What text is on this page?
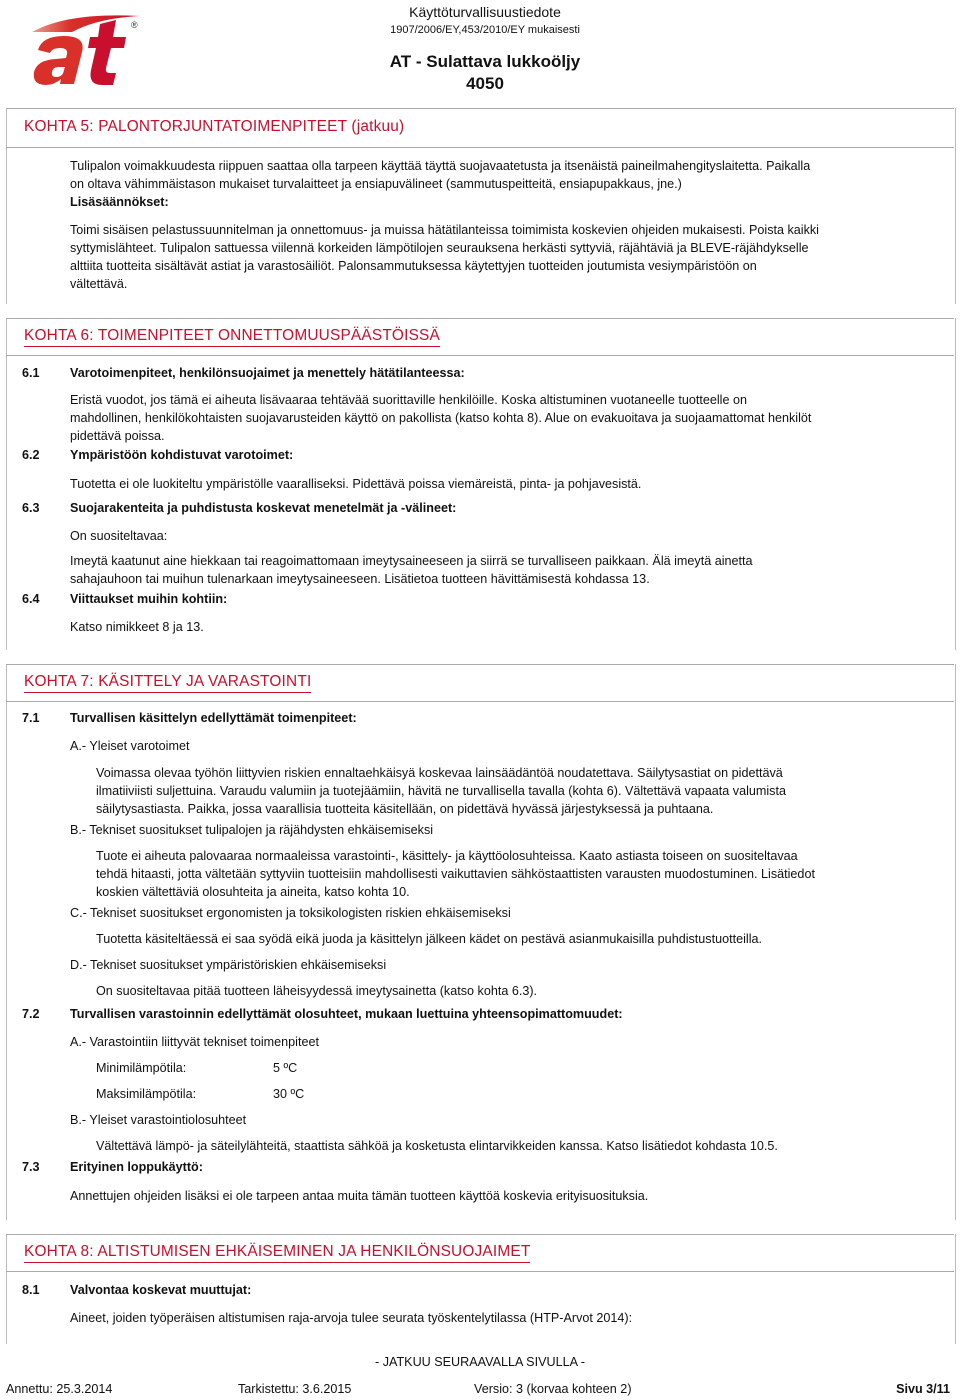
®
Käyttöturvallisuustiedote
1907/2006/EY,453/2010/EY mukaisesti
AT - Sulattava lukkoöljy
4050
KOHTA 5: PALONTORJUNTATOIMENPITEET (jatkuu)
Tulipalon voimakkuudesta riippuen saattaa olla tarpeen käyttää täyttä suojavaatetusta ja itsenäistä paineilmahengityslaitetta. Paikalla
on oltava vähimmäistason mukaiset turvalaitteet ja ensiapuvälineet (sammutuspeitteitä, ensiapupakkaus, jne.)
Lisäsäännökset:
Toimi sisäisen pelastussuunnitelman ja onnettomuus- ja muissa hätätilanteissa toimimista koskevien ohjeiden mukaisesti. Poista kaikki
syttymislähteet. Tulipalon sattuessa viilennä korkeiden lämpötilojen seurauksena herkästi syttyviä, räjähtäviä ja BLEVE-räjähdykselle
alttiita tuotteita sisältävät astiat ja varastosäiliöt. Palonsammutuksessa käytettyjen tuotteiden joutumista vesiympäristöön on
vältettävä.
KOHTA 6: TOIMENPITEET ONNETTOMUUSPÄÄSTÖISSÄ
6.1 Varotoimenpiteet, henkilönsuojaimet ja menettely hätätilanteessa:
Eristä vuodot, jos tämä ei aiheuta lisävaaraa tehtävää suorittaville henkilöille. Koska altistuminen vuotaneelle tuotteelle on
mahdollinen, henkilökohtaisten suojavarusteiden käyttö on pakollista (katso kohta 8). Alue on evakuoitava ja suojaamattomat henkilöt
pidettävä poissa.
6.2 Ympäristöön kohdistuvat varotoimet:
Tuotetta ei ole luokiteltu ympäristölle vaaralliseksi. Pidettävä poissa viemäreistä, pinta- ja pohjavesistä.
6.3 Suojarakenteita ja puhdistusta koskevat menetelmät ja -välineet:
On suositeltavaa:
Imeytä kaatunut aine hiekkaan tai reagoimattomaan imeytysaineeseen ja siirrä se turvalliseen paikkaan. Älä imeytä ainetta
sahajauhoon tai muihun tulenarkaan imeytysaineeseen. Lisätietoa tuotteen hävittämisestä kohdassa 13.
6.4 Viittaukset muihin kohtiin:
Katso nimikkeet 8 ja 13.
KOHTA 7: KÄSITTELY JA VARASTOINTI
7.1 Turvallisen käsittelyn edellyttämät toimenpiteet:
A.- Yleiset varotoimet
Voimassa olevaa työhön liittyvien riskien ennaltaehkäisyä koskevaa lainsäädäntöä noudatettava. Säilytysastiat on pidettävä
ilmatiiviisti suljettuina. Varaudu valumiin ja tuotejäämiin, hävitä ne turvallisella tavalla (kohta 6). Vältettävä vapaata valumista
säilytysastiasta. Paikka, jossa vaarallisia tuotteita käsitellään, on pidettävä hyvässä järjestyksessä ja puhtaana.
B.- Tekniset suositukset tulipalojen ja räjähdysten ehkäisemiseksi
Tuote ei aiheuta palovaaraa normaaleissa varastointi-, käsittely- ja käyttöolosuhteissa. Kaato astiasta toiseen on suositeltavaa
tehdä hitaasti, jotta vältetään syttyviin tuotteisiin mahdollisesti vaikuttavien sähköstaattisten varausten muodostuminen. Lisätiedot
koskien vältettäviä olosuhteita ja aineita, katso kohta 10.
C.- Tekniset suositukset ergonomisten ja toksikologisten riskien ehkäisemiseksi
Tuotetta käsiteltäessä ei saa syödä eikä juoda ja käsittelyn jälkeen kädet on pestävä asianmukaisilla puhdistustuotteilla.
D.- Tekniset suositukset ympäristöriskien ehkäisemiseksi
On suositeltavaa pitää tuotteen läheisyydessä imeytysainetta (katso kohta 6.3).
7.2 Turvallisen varastoinnin edellyttämät olosuhteet, mukaan luettuina yhteensopimattomuudet:
A.- Varastointiin liittyvät tekniset toimenpiteet
Minimilämpötila:	5 ºC
Maksimilämpötila:	30 ºC
B.- Yleiset varastointiolosuhteet
Vältettävä lämpö- ja säteilylähteitä, staattista sähköä ja kosketusta elintarvikkeiden kanssa. Katso lisätiedot kohdasta 10.5.
7.3 Erityinen loppukäyttö:
Annettujen ohjeiden lisäksi ei ole tarpeen antaa muita tämän tuotteen käyttöä koskevia erityisuosituksia.
KOHTA 8: ALTISTUMISEN EHKÄISEMINEN JA HENKILÖNSUOJAIMET
8.1 Valvontaa koskevat muuttujat:
Aineet, joiden työperäisen altistumisen raja-arvoja tulee seurata työskentelytilassa (HTP-Arvot 2014):
- JATKUU SEURAAVALLA SIVULLA -
Annettu: 25.3.2014	Tarkistettu: 3.6.2015	Versio: 3 (korvaa kohteen 2)	Sivu 3/11
